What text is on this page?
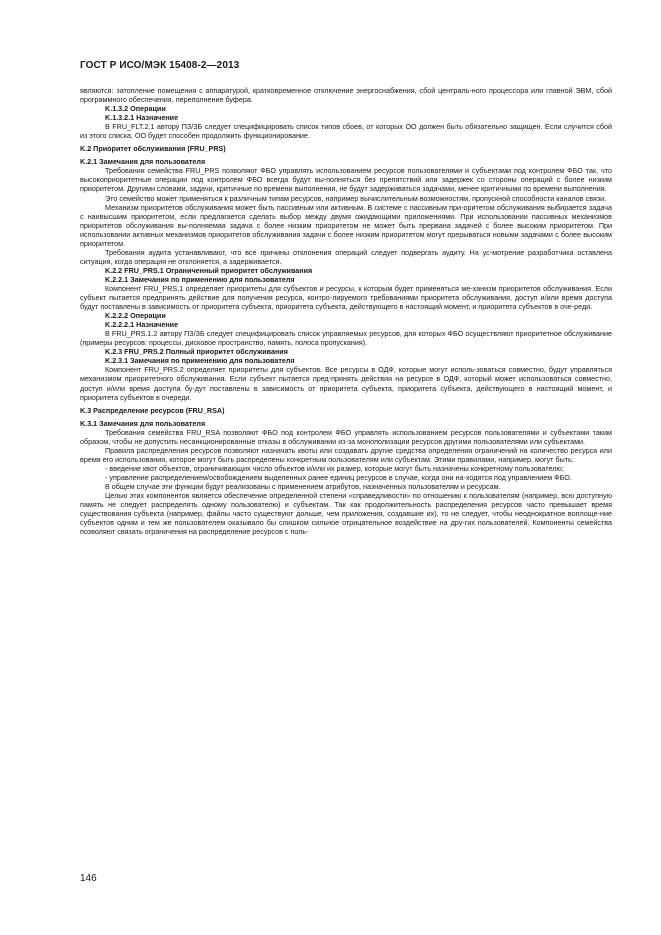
ГОСТ Р ИСО/МЭК 15408-2—2013

являются: затопление помещения с аппаратурой, кратковременное отключение энергоснабжения, сбой централь-ного процессора или главной ЭВМ, сбой программного обеспечения, переполнение буфера.

K.1.3.2 Операции

K.1.3.2.1 Назначение

В FRU_FLT.2.1 автору ПЗ/ЗБ следует специфицировать список типов сбоев, от которых ОО должен быть обязательно защищен. Если случится сбой из этого списка, ОО будет способен продолжить функционирование.

K.2 Приоритет обслуживания (FRU_PRS)

K.2.1 Замечания для пользователя

Требования семейства FRU_PRS позволяют ФБО управлять использованием ресурсов пользователями и субъектами под контролем ФБО так, что высокоприоритетные операции под контролем ФБО всегда будут вы-полняться без препятствий или задержек со стороны операций с более низким приоритетом. Другими словами, задачи, критичные по времени выполнения, не будут задерживаться задачами, менее критичными по времени выполнения.

Это семейство может применяться к различным типам ресурсов, например вычислительным возможностям, пропускной способности каналов связи.

Механизм приоритетов обслуживания может быть пассивным или активным. В системе с пассивным при-оритетом обслуживания выбирается задача с наивысшим приоритетом, если предлагается сделать выбор между двумя ожидающими приложениями. При использовании пассивных механизмов приоритетов обслуживания вы-полняемая задача с более низким приоритетом не может быть прервана задачей с более высоким приоритетом. При использовании активных механизмов приоритетов обслуживания задачи с более низким приоритетом могут прерываться новыми задачами с более высоким приоритетом.

Требования аудита устанавливают, что все причины отклонения операций следует подвергать аудиту. На ус-мотрение разработчика оставлена ситуация, когда операция не отклоняется, а задерживается.

K.2.2 FRU_PRS.1 Ограниченный приоритет обслуживания

K.2.2.1 Замечания по применению для пользователя

Компонент FRU_PRS.1 определяет приоритеты для субъектов и ресурсы, к которым будет применяться ме-ханизм приоритетов обслуживания. Если субъект пытается предпринять действие для получения ресурса, контро-лируемого требованиями приоритета обслуживания, доступ и/или время доступа будут поставлены в зависимость от приоритета субъекта, приоритета субъекта, действующего в настоящий момент, и приоритета субъектов в оче-реди.

K.2.2.2 Операции

K.2.2.2.1 Назначение

В FRU_PRS.1.2 автору ПЗ/ЗБ следует специфицировать список управляемых ресурсов, для которых ФБО осуществляют приоритетное обслуживание (примеры ресурсов: процессы, дисковое пространство, память, полоса пропускания).

K.2.3 FRU_PRS.2 Полный приоритет обслуживания

K.2.3.1 Замечания по применению для пользователя

Компонент FRU_PRS.2 определяет приоритеты для субъектов. Все ресурсы в ОДФ, которые могут исполь-зоваться совместно, будут управляться механизмом приоритетного обслуживания. Если субъект пытается пред-принять действия на ресурсе в ОДФ, который может использоваться совместно, доступ и/или время доступа бу-дут поставлены в зависимость от приоритета субъекта, приоритета субъекта, действующего в настоящий момент, и приоритета субъектов в очереди.

K.3 Распределение ресурсов (FRU_RSA)

K.3.1 Замечания для пользователя

Требования семейства FRU_RSA позволяют ФБО под контролем ФБО управлять использованием ресурсов пользователями и субъектами таким образом, чтобы не допустить несанкционированные отказы в обслуживании из-за монополизации ресурсов другими пользователями или субъектами.

Правила распределения ресурсов позволяют назначать квоты или создавать другие средства определения ограничений на количество ресурса или время его использования, которое могут быть распределены конкретным пользователям или субъектам. Этими правилами, например, могут быть:

- введение квот объектов, ограничивающих число объектов и/или их размер, которые могут быть назначены конкретному пользователю;

- управление распределением/освобождением выделенных ранее единиц ресурсов в случае, когда они на-ходятся под управлением ФБО.

В общем случае эти функции будут реализованы с применением атрибутов, назначенных пользователям и ресурсам.

Целью этих компонентов является обеспечение определенной степени «справедливости» по отношению к пользователям (например, всю доступную память не следует распределять одному пользователю) и субъектам. Так как продолжительность распределения ресурсов часто превышает время существования субъекта (например, файлы часто существуют дольше, чем приложения, создавшие их), то не следует, чтобы неоднократное воплоще-ние субъектов одним и тем же пользователем оказывало бы слишком сильное отрицательное воздействие на дру-гих пользователей. Компоненты семейства позволяют связать ограничения на распределение ресурсов с поль-

146
